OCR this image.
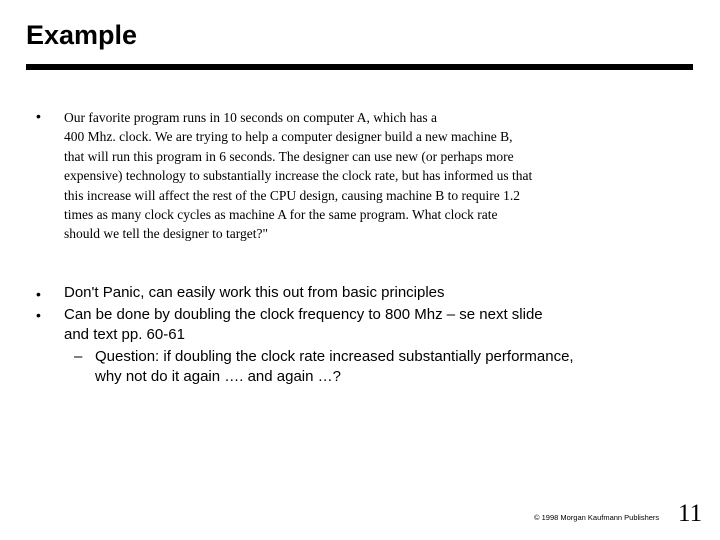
Example
• Our favorite program runs in 10 seconds on computer A, which has a
400 Mhz. clock. We are trying to help a computer designer build a new machine B,
that will run this program in 6 seconds. The designer can use new (or perhaps more
expensive) technology to substantially increase the clock rate, but has informed us that
this increase will affect the rest of the CPU design, causing machine B to require 1.2
times as many clock cycles as machine A for the same program. What clock rate
should we tell the designer to target?"
• Don't Panic, can easily work this out from basic principles
• Can be done by doubling the clock frequency to 800 Mhz – se next slide
and text pp. 60-61
– Question: if doubling the clock rate increased substantially performance,
why not do it again …. and again …?
© 1998 Morgan Kaufmann Publishers 11
